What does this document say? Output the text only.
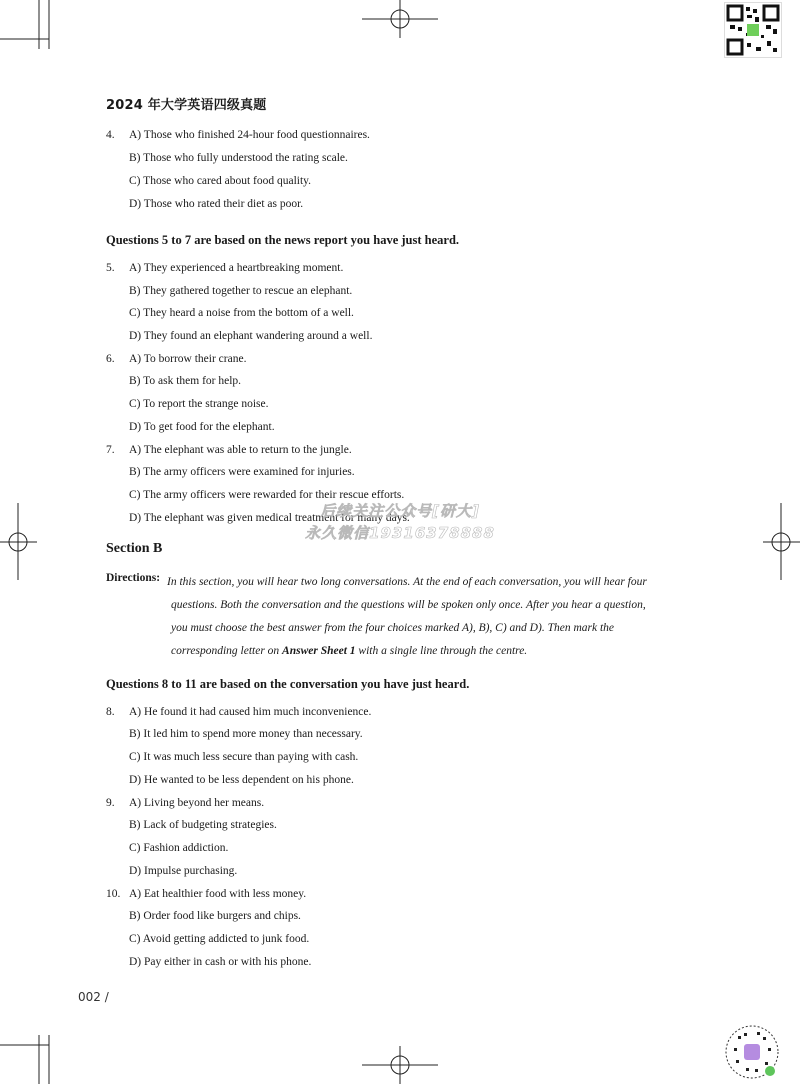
2024 年大学英语四级真题
4. A) Those who finished 24-hour food questionnaires.
B) Those who fully understood the rating scale.
C) Those who cared about food quality.
D) Those who rated their diet as poor.
Questions 5 to 7 are based on the news report you have just heard.
5. A) They experienced a heartbreaking moment.
B) They gathered together to rescue an elephant.
C) They heard a noise from the bottom of a well.
D) They found an elephant wandering around a well.
6. A) To borrow their crane.
B) To ask them for help.
C) To report the strange noise.
D) To get food for the elephant.
7. A) The elephant was able to return to the jungle.
B) The army officers were examined for injuries.
C) The army officers were rewarded for their rescue efforts.
D) The elephant was given medical treatment for many days.
后续关注公众号[研大]
永久微信19316378888
Section B
Directions: In this section, you will hear two long conversations. At the end of each conversation, you will hear four
questions. Both the conversation and the questions will be spoken only once. After you hear a question,
you must choose the best answer from the four choices marked A), B), C) and D). Then mark the
corresponding letter on Answer Sheet 1 with a single line through the centre.
Questions 8 to 11 are based on the conversation you have just heard.
8. A) He found it had caused him much inconvenience.
B) It led him to spend more money than necessary.
C) It was much less secure than paying with cash.
D) He wanted to be less dependent on his phone.
9. A) Living beyond her means.
B) Lack of budgeting strategies.
C) Fashion addiction.
D) Impulse purchasing.
10. A) Eat healthier food with less money.
B) Order food like burgers and chips.
C) Avoid getting addicted to junk food.
D) Pay either in cash or with his phone.
002 /
